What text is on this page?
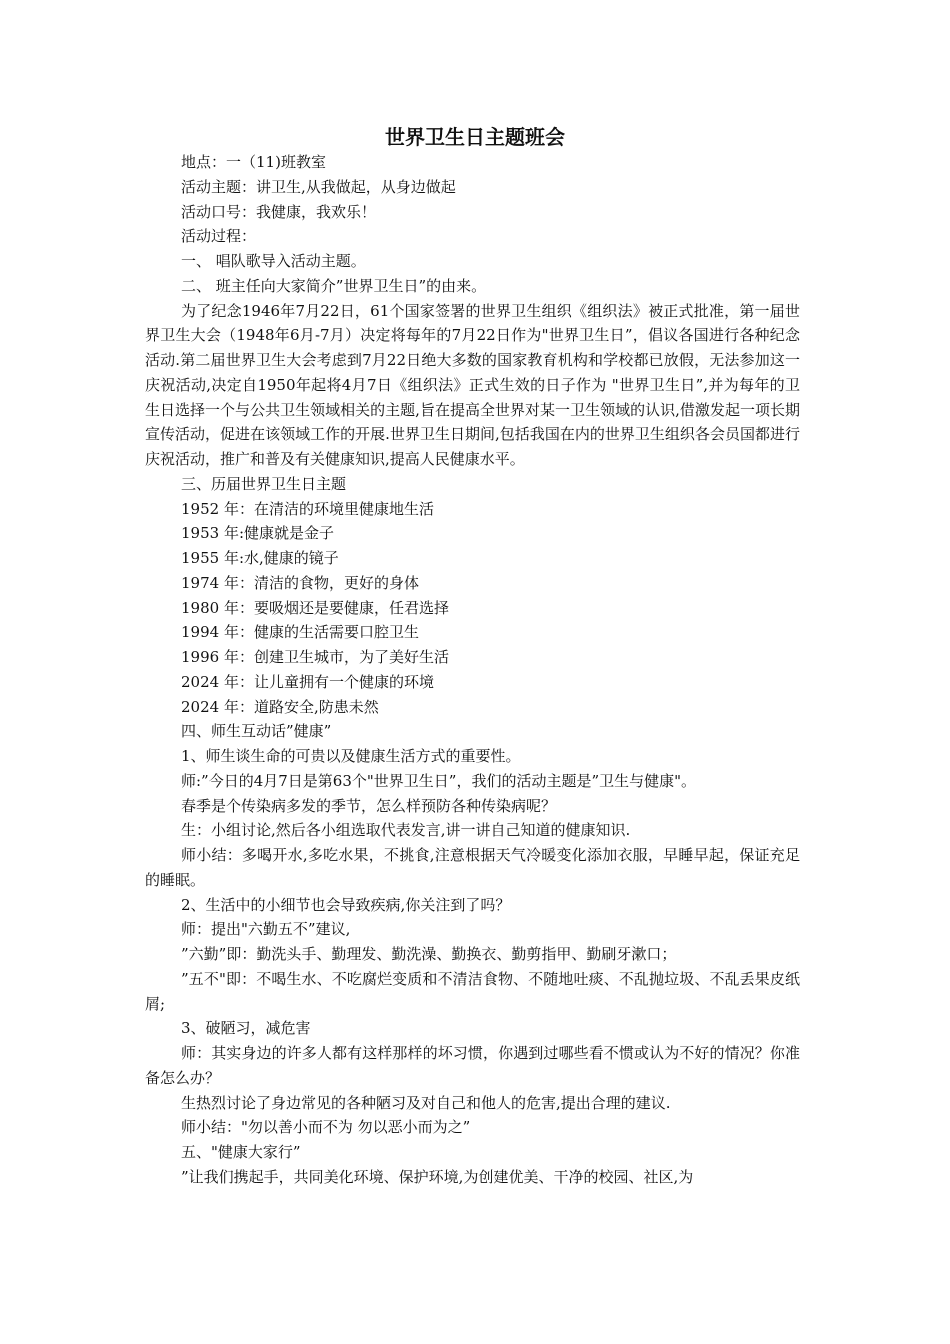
世界卫生日主题班会

地点：一（11)班教室

活动主题：讲卫生,从我做起，从身边做起

活动口号：我健康，我欢乐！

活动过程：

一、 唱队歌导入活动主题。

二、 班主任向大家简介”世界卫生日”的由来。

为了纪念1946年7月22日，61个国家签署的世界卫生组织《组织法》被正式批准，第一届世界卫生大会（1948年6月-7月）决定将每年的7月22日作为"世界卫生日”，倡议各国进行各种纪念活动.第二届世界卫生大会考虑到7月22日绝大多数的国家教育机构和学校都已放假，无法参加这一庆祝活动,决定自1950年起将4月7日《组织法》正式生效的日子作为 "世界卫生日”,并为每年的卫生日选择一个与公共卫生领域相关的主题,旨在提高全世界对某一卫生领域的认识,借激发起一项长期宣传活动，促进在该领域工作的开展.世界卫生日期间,包括我国在内的世界卫生组织各会员国都进行庆祝活动，推广和普及有关健康知识,提高人民健康水平。

三、历届世界卫生日主题

1952 年：在清洁的环境里健康地生活

1953 年:健康就是金子

1955 年:水,健康的镜子

1974 年：清洁的食物，更好的身体

1980 年：要吸烟还是要健康，任君选择

1994 年：健康的生活需要口腔卫生

1996 年：创建卫生城市，为了美好生活

2024 年：让儿童拥有一个健康的环境

2024 年：道路安全,防患未然

四、师生互动话”健康”

1、师生谈生命的可贵以及健康生活方式的重要性。

师:”今日的4月7日是第63个"世界卫生日”，我们的活动主题是”卫生与健康"。

春季是个传染病多发的季节，怎么样预防各种传染病呢？

生：小组讨论,然后各小组选取代表发言,讲一讲自己知道的健康知识.

师小结：多喝开水,多吃水果，不挑食,注意根据天气冷暖变化添加衣服，早睡早起，保证充足的睡眠。

2、生活中的小细节也会导致疾病,你关注到了吗？

师：提出"六勤五不”建议,

”六勤”即：勤洗头手、勤理发、勤洗澡、勤换衣、勤剪指甲、勤刷牙漱口；

”五不"即：不喝生水、不吃腐烂变质和不清洁食物、不随地吐痰、不乱抛垃圾、不乱丢果皮纸屑;

3、破陋习，减危害

师：其实身边的许多人都有这样那样的坏习惯，你遇到过哪些看不惯或认为不好的情况？你准备怎么办？

生热烈讨论了身边常见的各种陋习及对自己和他人的危害,提出合理的建议.

师小结："勿以善小而不为 勿以恶小而为之”

五、"健康大家行”

”让我们携起手，共同美化环境、保护环境,为创建优美、干净的校园、社区,为
